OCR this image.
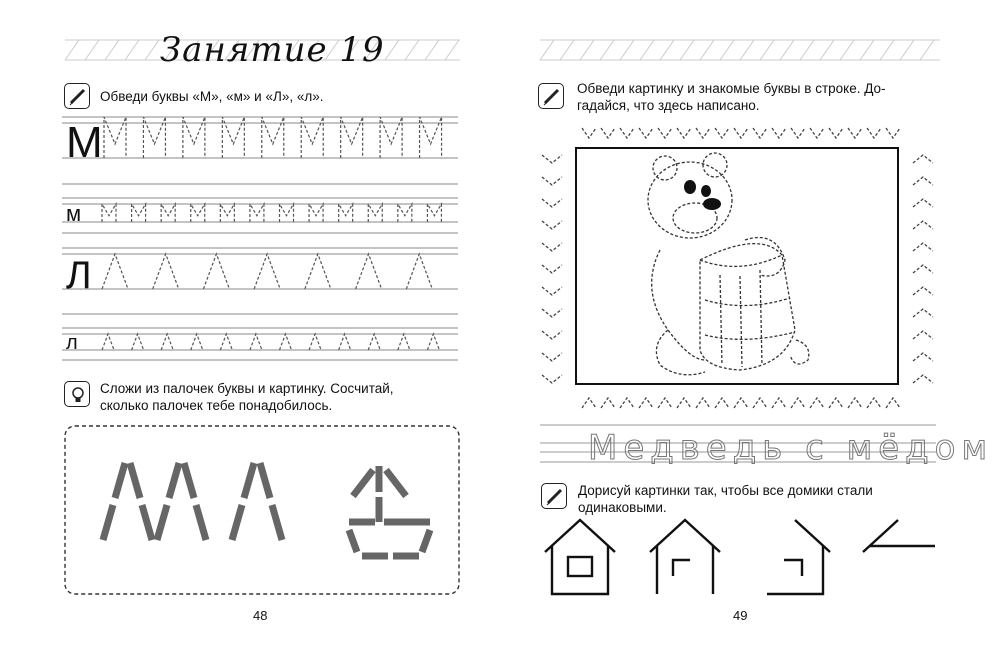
Занятие 19
Обведи буквы «М», «м» и «Л», «л».
М
м
Л
л
Сложи из палочек буквы и картинку. Сосчитай,
сколько палочек тебе понадобилось.
48
Обведи картинку и знакомые буквы в строке. До-
гадайся, что здесь написано.
Медведь с мёдом
Дорисуй картинки так, чтобы все домики стали
одинаковыми.
49
